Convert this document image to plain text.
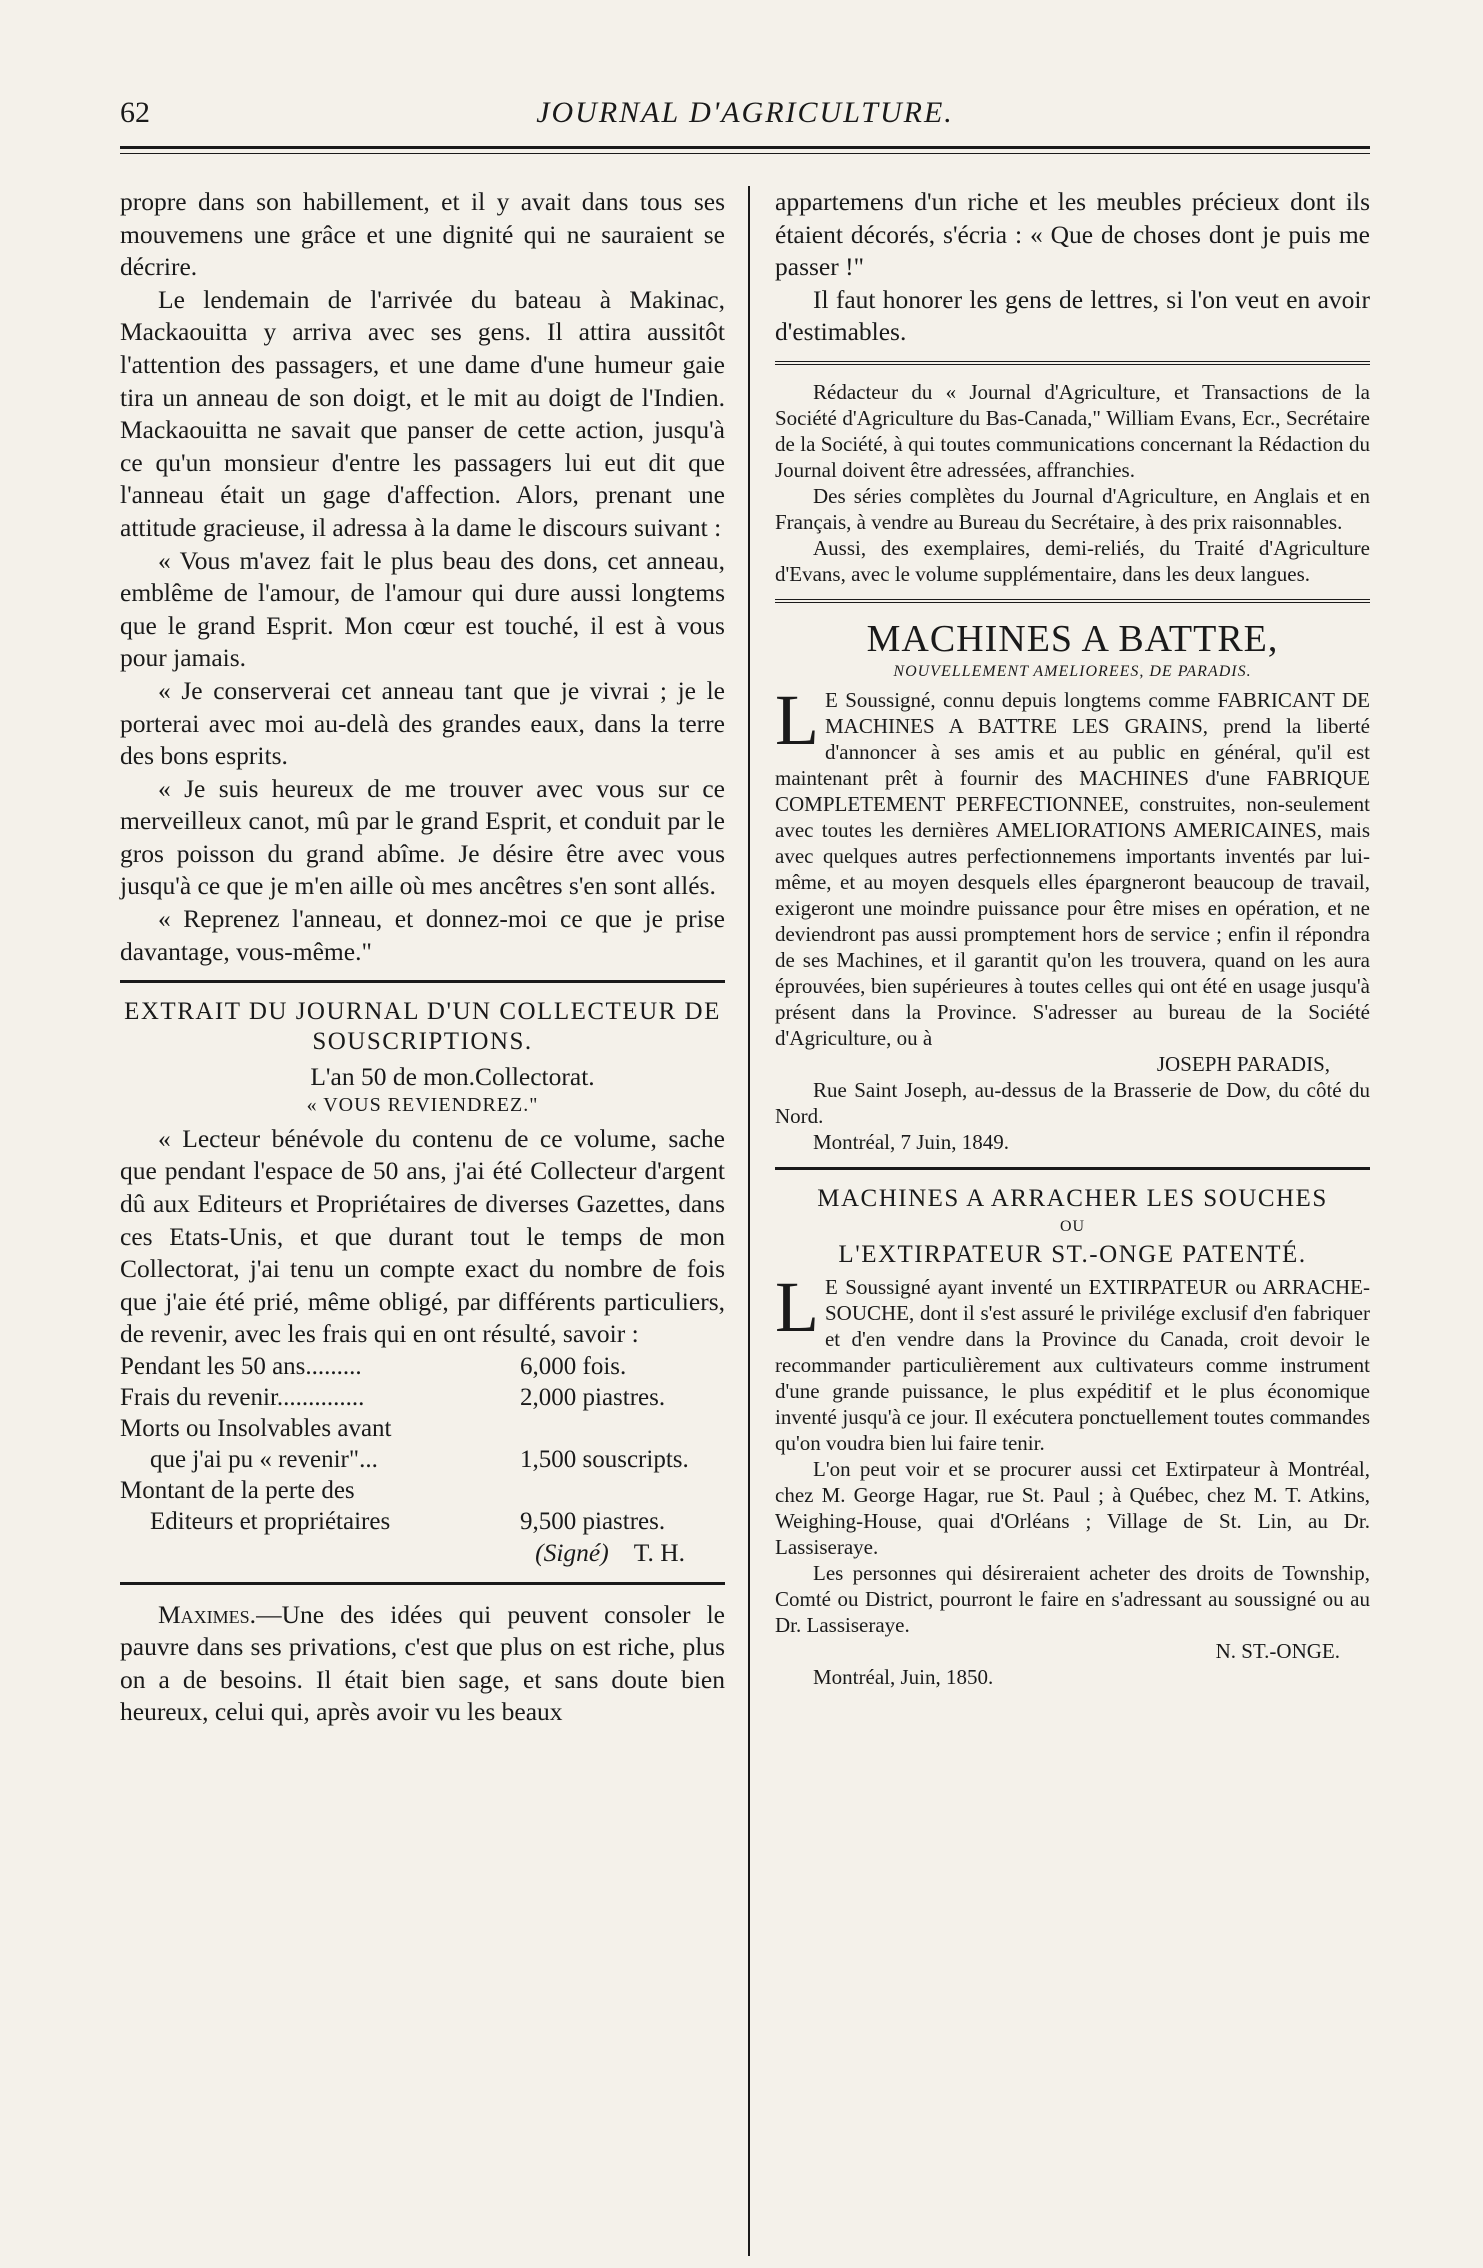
62	JOURNAL D'AGRICULTURE.

propre dans son habillement, et il y avait dans tous ses mouvemens une grâce et une dignité qui ne sauraient se décrire.

Le lendemain de l'arrivée du bateau à Makinac, Mackaouitta y arriva avec ses gens. Il attira aussitôt l'attention des passagers, et une dame d'une humeur gaie tira un anneau de son doigt, et le mit au doigt de l'Indien. Mackaouitta ne savait que panser de cette action, jusqu'à ce qu'un monsieur d'entre les passagers lui eut dit que l'anneau était un gage d'affection. Alors, prenant une attitude gracieuse, il adressa à la dame le discours suivant :

« Vous m'avez fait le plus beau des dons, cet anneau, emblême de l'amour, de l'amour qui dure aussi longtems que le grand Esprit. Mon cœur est touché, il est à vous pour jamais.

« Je conserverai cet anneau tant que je vivrai ; je le porterai avec moi au-delà des grandes eaux, dans la terre des bons esprits.

« Je suis heureux de me trouver avec vous sur ce merveilleux canot, mû par le grand Esprit, et conduit par le gros poisson du grand abîme. Je désire être avec vous jusqu'à ce que je m'en aille où mes ancêtres s'en sont allés.

« Reprenez l'anneau, et donnez-moi ce que je prise davantage, vous-même."

EXTRAIT DU JOURNAL D'UN COLLECTEUR DE SOUSCRIPTIONS.

L'an 50 de mon.Collectorat.

« VOUS REVIENDREZ."

« Lecteur bénévole du contenu de ce volume, sache que pendant l'espace de 50 ans, j'ai été Collecteur d'argent dû aux Editeurs et Propriétaires de diverses Gazettes, dans ces Etats-Unis, et que durant tout le temps de mon Collectorat, j'ai tenu un compte exact du nombre de fois que j'aie été prié, même obligé, par différents particuliers, de revenir, avec les frais qui en ont résulté, savoir :

Pendant les 50 ans.........	6,000 fois.
Frais du revenir..............	2,000 piastres.
Morts ou Insolvables avant	
que j'ai pu « revenir"...	1,500 souscripts.
Montant de la perte des	
Editeurs et propriétaires	9,500 piastres.

(Signé) T. H.

Maximes.—Une des idées qui peuvent consoler le pauvre dans ses privations, c'est que plus on est riche, plus on a de besoins. Il était bien sage, et sans doute bien heureux, celui qui, après avoir vu les beaux

appartemens d'un riche et les meubles précieux dont ils étaient décorés, s'écria : « Que de choses dont je puis me passer !"

Il faut honorer les gens de lettres, si l'on veut en avoir d'estimables.

Rédacteur du « Journal d'Agriculture, et Transactions de la Société d'Agriculture du Bas-Canada," William Evans, Ecr., Secrétaire de la Société, à qui toutes communications concernant la Rédaction du Journal doivent être adressées, affranchies.

Des séries complètes du Journal d'Agriculture, en Anglais et en Français, à vendre au Bureau du Secrétaire, à des prix raisonnables.

Aussi, des exemplaires, demi-reliés, du Traité d'Agriculture d'Evans, avec le volume supplémentaire, dans les deux langues.

MACHINES A BATTRE,
NOUVELLEMENT AMELIOREES, DE PARADIS.

L E Soussigné, connu depuis longtems comme FABRICANT DE MACHINES A BATTRE LES GRAINS, prend la liberté d'annoncer à ses amis et au public en général, qu'il est maintenant prêt à fournir des MACHINES d'une FABRIQUE COMPLETEMENT PERFECTIONNEE, construites, non-seulement avec toutes les dernières AMELIORATIONS AMERICAINES, mais avec quelques autres perfectionnemens importants inventés par lui-même, et au moyen desquels elles épargneront beaucoup de travail, exigeront une moindre puissance pour être mises en opération, et ne deviendront pas aussi promptement hors de service ; enfin il répondra de ses Machines, et il garantit qu'on les trouvera, quand on les aura éprouvées, bien supérieures à toutes celles qui ont été en usage jusqu'à présent dans la Province. S'adresser au bureau de la Société d'Agriculture, ou à

JOSEPH PARADIS,

Rue Saint Joseph, au-dessus de la Brasserie de Dow, du côté du Nord.

Montréal, 7 Juin, 1849.

MACHINES A ARRACHER LES SOUCHES
OU
L'EXTIRPATEUR ST.-ONGE PATENTÉ.

L E Soussigné ayant inventé un EXTIRPATEUR ou ARRACHE-SOUCHE, dont il s'est assuré le privilége exclusif d'en fabriquer et d'en vendre dans la Province du Canada, croit devoir le recommander particulièrement aux cultivateurs comme instrument d'une grande puissance, le plus expéditif et le plus économique inventé jusqu'à ce jour. Il exécutera ponctuellement toutes commandes qu'on voudra bien lui faire tenir.

L'on peut voir et se procurer aussi cet Extirpateur à Montréal, chez M. George Hagar, rue St. Paul ; à Québec, chez M. T. Atkins, Weighing-House, quai d'Orléans ; Village de St. Lin, au Dr. Lassiseraye.

Les personnes qui désireraient acheter des droits de Township, Comté ou District, pourront le faire en s'adressant au soussigné ou au Dr. Lassiseraye.

N. ST.-ONGE.

Montréal, Juin, 1850.
